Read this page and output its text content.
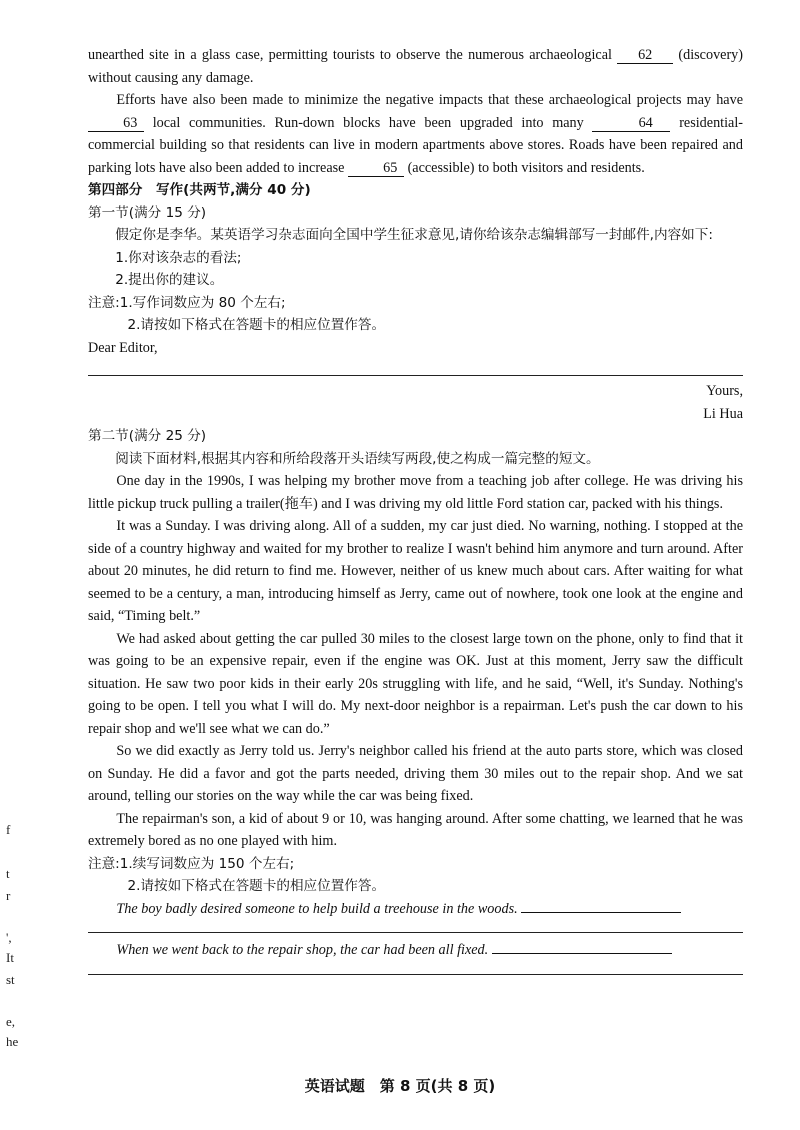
unearthed site in a glass case, permitting tourists to observe the numerous archaeological 62 (discovery) without causing any damage.

Efforts have also been made to minimize the negative impacts that these archaeological projects may have 63 local communities. Run-down blocks have been upgraded into many	64 residential-commercial building so that residents can live in modern apartments above stores. Roads have been repaired and parking lots have also been added to increase	65 (accessible) to both visitors and residents.

第四部分　写作(共两节,满分 40 分)

第一节(满分 15 分)

假定你是李华。某英语学习杂志面向全国中学生征求意见,请你给该杂志编辑部写一封邮件,内容如下:

1.你对该杂志的看法;

2.提出你的建议。

注意:1.写作词数应为 80 个左右;

2.请按如下格式在答题卡的相应位置作答。

Dear Editor,

Yours,

Li Hua

第二节(满分 25 分)

阅读下面材料,根据其内容和所给段落开头语续写两段,使之构成一篇完整的短文。

One day in the 1990s, I was helping my brother move from a teaching job after college. He was driving his little pickup truck pulling a trailer(拖车) and I was driving my old little Ford station car, packed with his things.

It was a Sunday. I was driving along. All of a sudden, my car just died. No warning, nothing. I stopped at the side of a country highway and waited for my brother to realize I wasn't behind him anymore and turn around. After about 20 minutes, he did return to find me. However, neither of us knew much about cars. After waiting for what seemed to be a century, a man, introducing himself as Jerry, came out of nowhere, took one look at the engine and said, “Timing belt.”

We had asked about getting the car pulled 30 miles to the closest large town on the phone, only to find that it was going to be an expensive repair, even if the engine was OK. Just at this moment, Jerry saw the difficult situation. He saw two poor kids in their early 20s struggling with life, and he said, “Well, it's Sunday. Nothing's going to be open. I tell you what I will do. My next-door neighbor is a repairman. Let's push the car down to his repair shop and we'll see what we can do.”

So we did exactly as Jerry told us. Jerry's neighbor called his friend at the auto parts store, which was closed on Sunday. He did a favor and got the parts needed, driving them 30 miles out to the repair shop. And we sat around, telling our stories on the way while the car was being fixed.

The repairman's son, a kid of about 9 or 10, was hanging around. After some chatting, we learned that he was extremely bored as no one played with him.

注意:1.续写词数应为 150 个左右;

2.请按如下格式在答题卡的相应位置作答。

The boy badly desired someone to help build a treehouse in the woods.

When we went back to the repair shop, the car had been all fixed.

f
t
r
',
It
st
e,
he
英语试题　第 8 页(共 8 页)
